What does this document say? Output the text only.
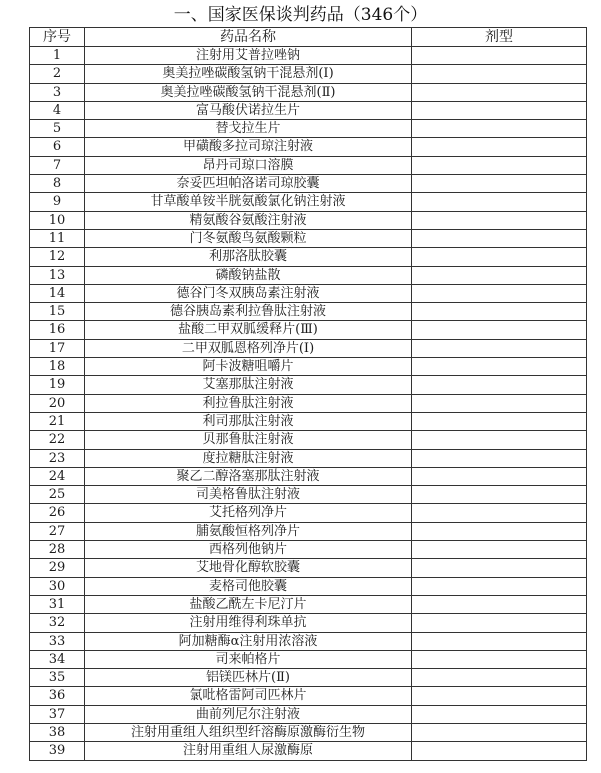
一、国家医保谈判药品（346个）
序号	药品名称	剂型
1	注射用艾普拉唑钠	
2	奥美拉唑碳酸氢钠干混悬剂(Ⅰ)	
3	奥美拉唑碳酸氢钠干混悬剂(Ⅱ)	
4	富马酸伏诺拉生片	
5	替戈拉生片	
6	甲磺酸多拉司琼注射液	
7	昂丹司琼口溶膜	
8	奈妥匹坦帕洛诺司琼胶囊	
9	甘草酸单铵半胱氨酸氯化钠注射液	
10	精氨酸谷氨酸注射液	
11	门冬氨酸鸟氨酸颗粒	
12	利那洛肽胶囊	
13	磷酸钠盐散	
14	德谷门冬双胰岛素注射液	
15	德谷胰岛素利拉鲁肽注射液	
16	盐酸二甲双胍缓释片(Ⅲ)	
17	二甲双胍恩格列净片(Ⅰ)	
18	阿卡波糖咀嚼片	
19	艾塞那肽注射液	
20	利拉鲁肽注射液	
21	利司那肽注射液	
22	贝那鲁肽注射液	
23	度拉糖肽注射液	
24	聚乙二醇洛塞那肽注射液	
25	司美格鲁肽注射液	
26	艾托格列净片	
27	脯氨酸恒格列净片	
28	西格列他钠片	
29	艾地骨化醇软胶囊	
30	麦格司他胶囊	
31	盐酸乙酰左卡尼汀片	
32	注射用维得利珠单抗	
33	阿加糖酶α注射用浓溶液	
34	司来帕格片	
35	铝镁匹林片(Ⅱ)	
36	氯吡格雷阿司匹林片	
37	曲前列尼尔注射液	
38	注射用重组人组织型纤溶酶原激酶衍生物	
39	注射用重组人尿激酶原	
